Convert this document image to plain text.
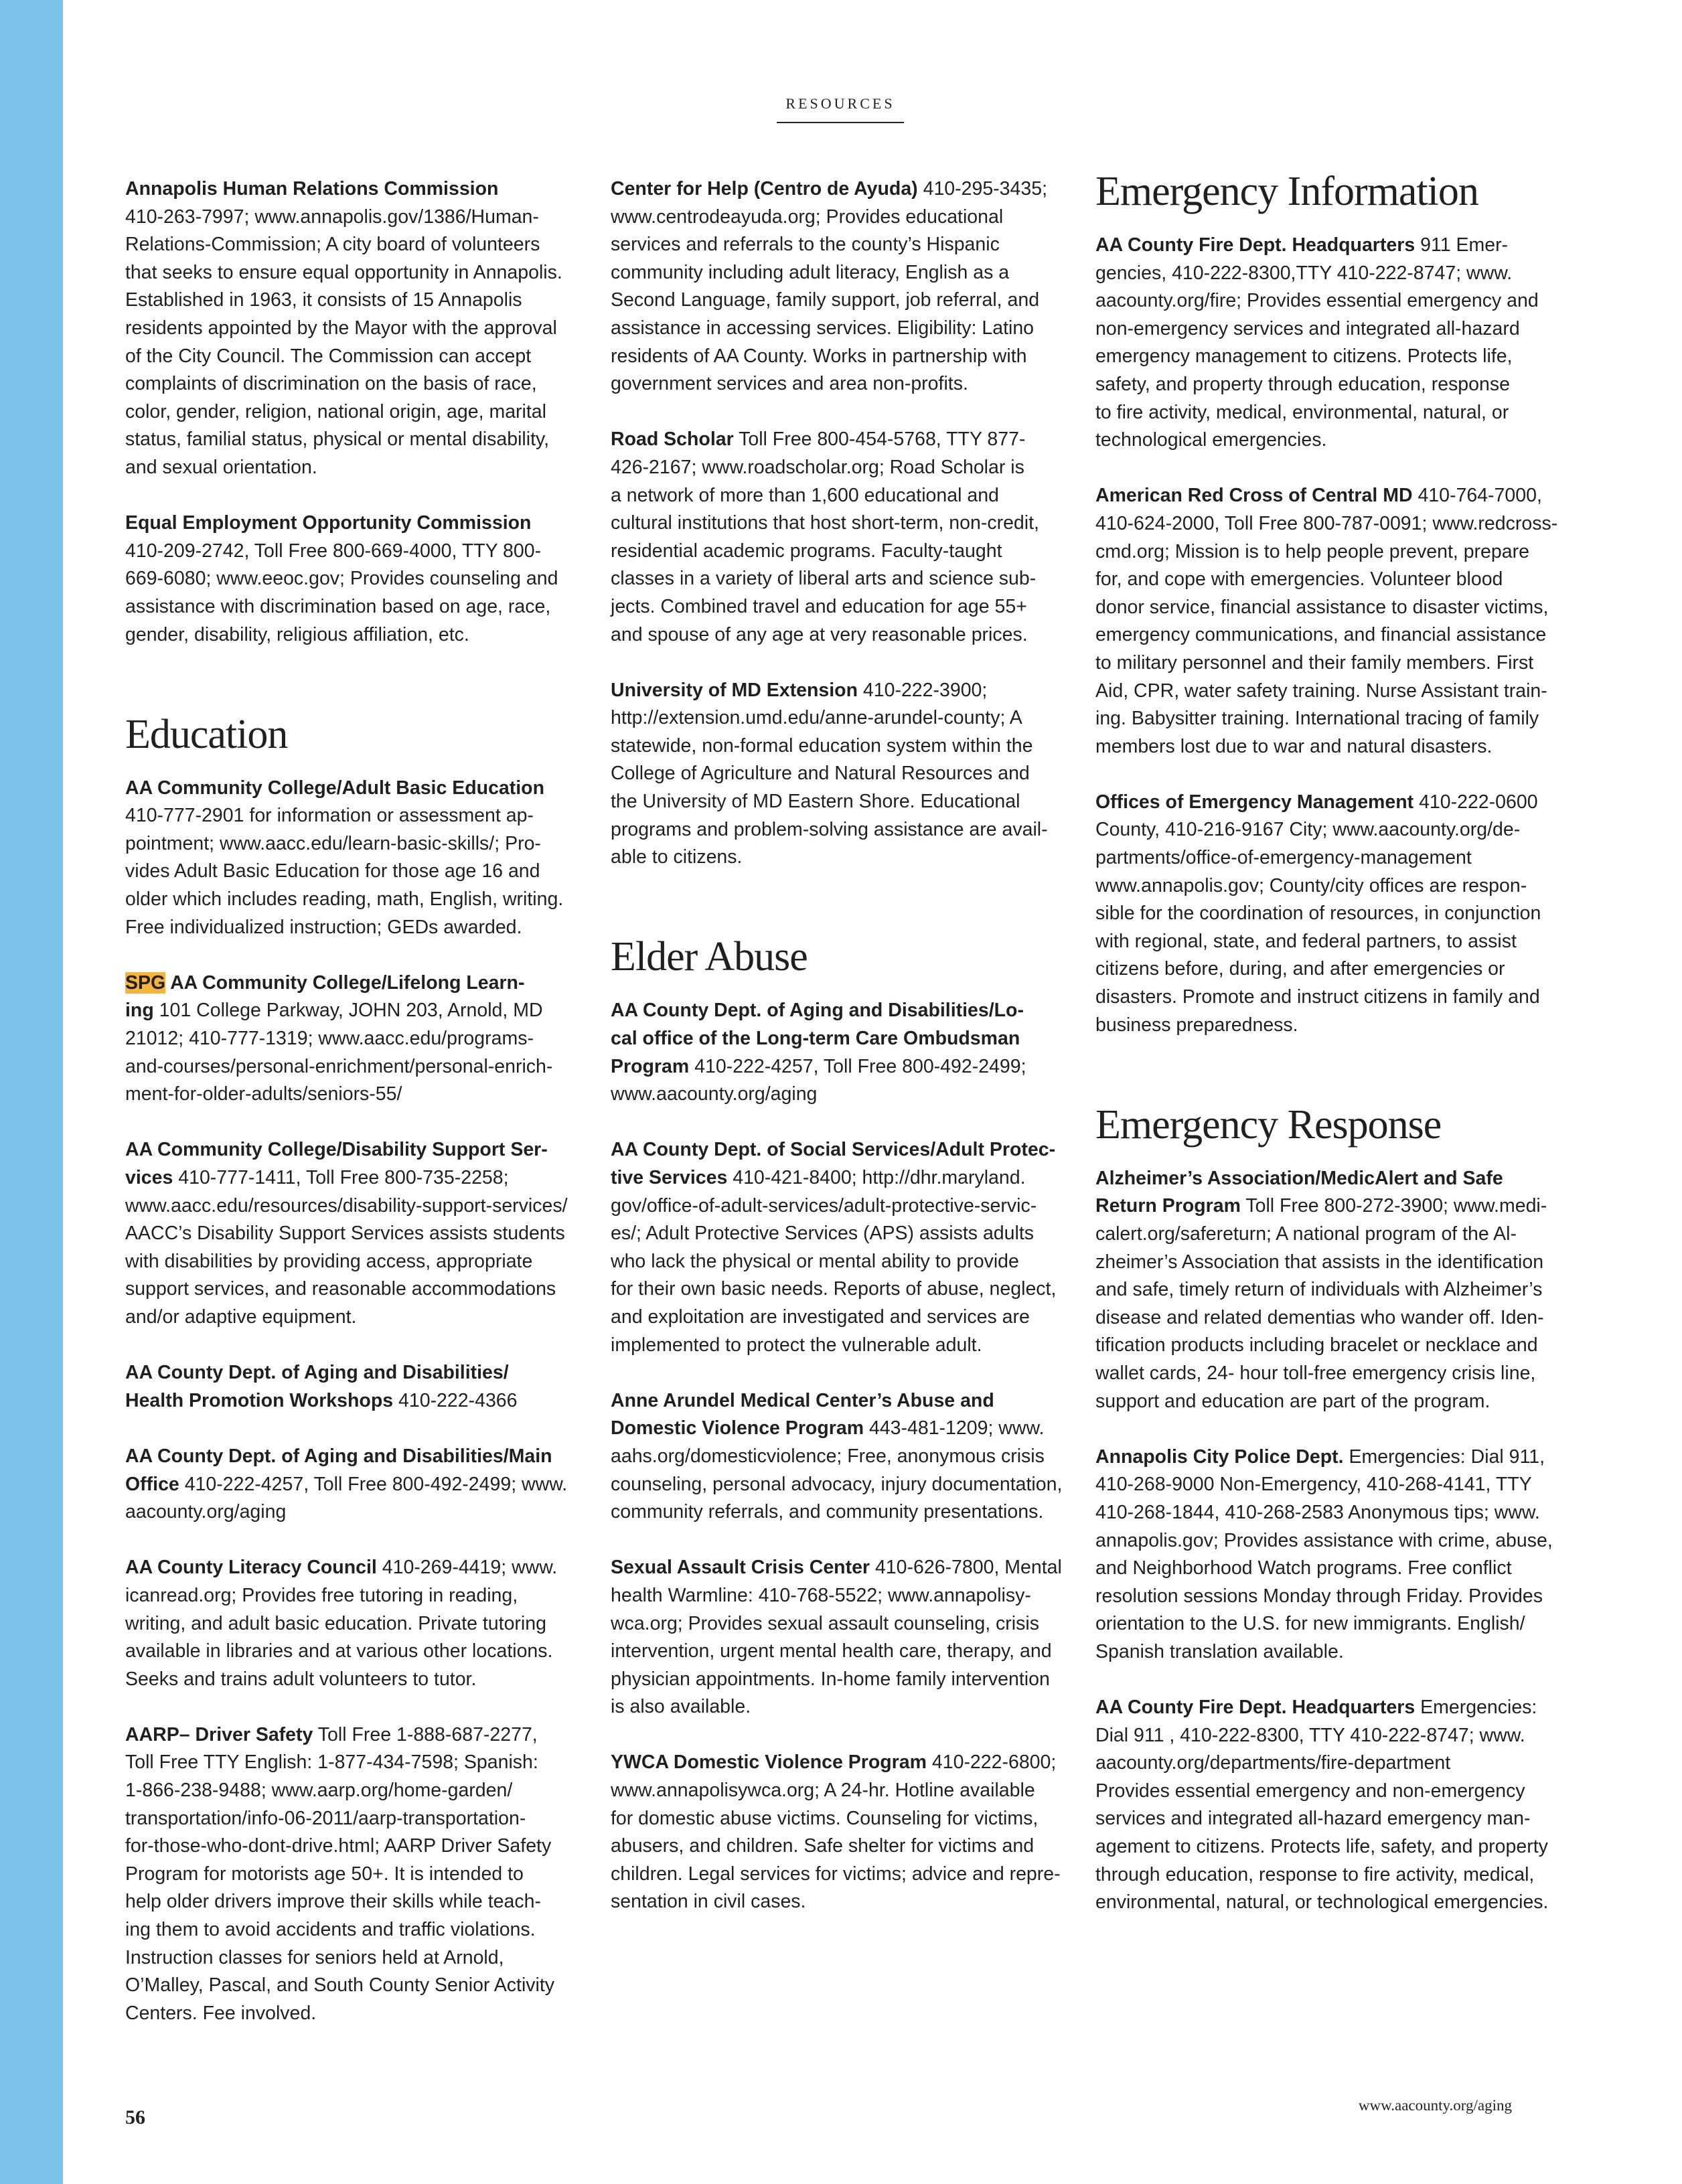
RESOURCES

Annapolis Human Relations Commission

410-263-7997; www.annapolis.gov/1386/Human-

Relations-Commission; A city board of volunteers

that seeks to ensure equal opportunity in Annapolis.

Established in 1963, it consists of 15 Annapolis

residents appointed by the Mayor with the approval

of the City Council. The Commission can accept

complaints of discrimination on the basis of race,

color, gender, religion, national origin, age, marital

status, familial status, physical or mental disability,

and sexual orientation.

Equal Employment Opportunity Commission

410-209-2742, Toll Free 800-669-4000, TTY 800-

669-6080; www.eeoc.gov; Provides counseling and

assistance with discrimination based on age, race,

gender, disability, religious affiliation, etc.

Education

AA Community College/Adult Basic Education

410-777-2901 for information or assessment ap-

pointment; www.aacc.edu/learn-basic-skills/; Pro-

vides Adult Basic Education for those age 16 and

older which includes reading, math, English, writing.

Free individualized instruction; GEDs awarded.

SPG AA Community College/Lifelong Learn-

ing 101 College Parkway, JOHN 203, Arnold, MD

21012; 410-777-1319; www.aacc.edu/programs-

and-courses/personal-enrichment/personal-enrich-

ment-for-older-adults/seniors-55/

AA Community College/Disability Support Ser-

vices 410-777-1411, Toll Free 800-735-2258;

www.aacc.edu/resources/disability-support-services/

AACC’s Disability Support Services assists students

with disabilities by providing access, appropriate

support services, and reasonable accommodations

and/or adaptive equipment.

AA County Dept. of Aging and Disabilities/

Health Promotion Workshops 410-222-4366

AA County Dept. of Aging and Disabilities/Main

Office 410-222-4257, Toll Free 800-492-2499; www.

aacounty.org/aging

AA County Literacy Council 410-269-4419; www.

icanread.org; Provides free tutoring in reading,

writing, and adult basic education. Private tutoring

available in libraries and at various other locations.

Seeks and trains adult volunteers to tutor.

AARP– Driver Safety Toll Free 1-888-687-2277,

Toll Free TTY English: 1-877-434-7598; Spanish:

1-866-238-9488; www.aarp.org/home-garden/

transportation/info-06-2011/aarp-transportation-

for-those-who-dont-drive.html; AARP Driver Safety

Program for motorists age 50+. It is intended to

help older drivers improve their skills while teach-

ing them to avoid accidents and traffic violations.

Instruction classes for seniors held at Arnold,

O’Malley, Pascal, and South County Senior Activity

Centers. Fee involved.

Center for Help (Centro de Ayuda) 410-295-3435;

www.centrodeayuda.org; Provides educational

services and referrals to the county’s Hispanic

community including adult literacy, English as a

Second Language, family support, job referral, and

assistance in accessing services. Eligibility: Latino

residents of AA County. Works in partnership with

government services and area non-profits.

Road Scholar Toll Free 800-454-5768, TTY 877-

426-2167; www.roadscholar.org; Road Scholar is

a network of more than 1,600 educational and

cultural institutions that host short-term, non-credit,

residential academic programs. Faculty-taught

classes in a variety of liberal arts and science sub-

jects. Combined travel and education for age 55+

and spouse of any age at very reasonable prices.

University of MD Extension 410-222-3900;

http://extension.umd.edu/anne-arundel-county; A

statewide, non-formal education system within the

College of Agriculture and Natural Resources and

the University of MD Eastern Shore. Educational

programs and problem-solving assistance are avail-

able to citizens.

Elder Abuse

AA County Dept. of Aging and Disabilities/Lo-

cal office of the Long-term Care Ombudsman

Program 410-222-4257, Toll Free 800-492-2499;

www.aacounty.org/aging

AA County Dept. of Social Services/Adult Protec-

tive Services 410-421-8400; http://dhr.maryland.

gov/office-of-adult-services/adult-protective-servic-

es/; Adult Protective Services (APS) assists adults

who lack the physical or mental ability to provide

for their own basic needs. Reports of abuse, neglect,

and exploitation are investigated and services are

implemented to protect the vulnerable adult.

Anne Arundel Medical Center’s Abuse and

Domestic Violence Program 443-481-1209; www.

aahs.org/domesticviolence; Free, anonymous crisis

counseling, personal advocacy, injury documentation,

community referrals, and community presentations.

Sexual Assault Crisis Center 410-626-7800, Mental

health Warmline: 410-768-5522; www.annapolisy-

wca.org; Provides sexual assault counseling, crisis

intervention, urgent mental health care, therapy, and

physician appointments. In-home family intervention

is also available.

YWCA Domestic Violence Program 410-222-6800;

www.annapolisywca.org; A 24-hr. Hotline available

for domestic abuse victims. Counseling for victims,

abusers, and children. Safe shelter for victims and

children. Legal services for victims; advice and repre-

sentation in civil cases.

Emergency Information

AA County Fire Dept. Headquarters 911 Emer-

gencies, 410-222-8300,TTY 410-222-8747; www.

aacounty.org/fire; Provides essential emergency and

non-emergency services and integrated all-hazard

emergency management to citizens. Protects life,

safety, and property through education, response

to fire activity, medical, environmental, natural, or

technological emergencies.

American Red Cross of Central MD 410-764-7000,

410-624-2000, Toll Free 800-787-0091; www.redcross-

cmd.org; Mission is to help people prevent, prepare

for, and cope with emergencies. Volunteer blood

donor service, financial assistance to disaster victims,

emergency communications, and financial assistance

to military personnel and their family members. First

Aid, CPR, water safety training. Nurse Assistant train-

ing. Babysitter training. International tracing of family

members lost due to war and natural disasters.

Offices of Emergency Management 410-222-0600

County, 410-216-9167 City; www.aacounty.org/de-

partments/office-of-emergency-management

www.annapolis.gov; County/city offices are respon-

sible for the coordination of resources, in conjunction

with regional, state, and federal partners, to assist

citizens before, during, and after emergencies or

disasters. Promote and instruct citizens in family and

business preparedness.

Emergency Response

Alzheimer’s Association/MedicAlert and Safe

Return Program Toll Free 800-272-3900; www.medi-

calert.org/safereturn; A national program of the Al-

zheimer’s Association that assists in the identification

and safe, timely return of individuals with Alzheimer’s

disease and related dementias who wander off. Iden-

tification products including bracelet or necklace and

wallet cards, 24- hour toll-free emergency crisis line,

support and education are part of the program.

Annapolis City Police Dept. Emergencies: Dial 911,

410-268-9000 Non-Emergency, 410-268-4141, TTY

410-268-1844, 410-268-2583 Anonymous tips; www.

annapolis.gov; Provides assistance with crime, abuse,

and Neighborhood Watch programs. Free conflict

resolution sessions Monday through Friday. Provides

orientation to the U.S. for new immigrants. English/

Spanish translation available.

AA County Fire Dept. Headquarters Emergencies:

Dial 911 , 410-222-8300, TTY 410-222-8747; www.

aacounty.org/departments/fire-department

Provides essential emergency and non-emergency

services and integrated all-hazard emergency man-

agement to citizens. Protects life, safety, and property

through education, response to fire activity, medical,

environmental, natural, or technological emergencies.

56
www.aacounty.org/aging
